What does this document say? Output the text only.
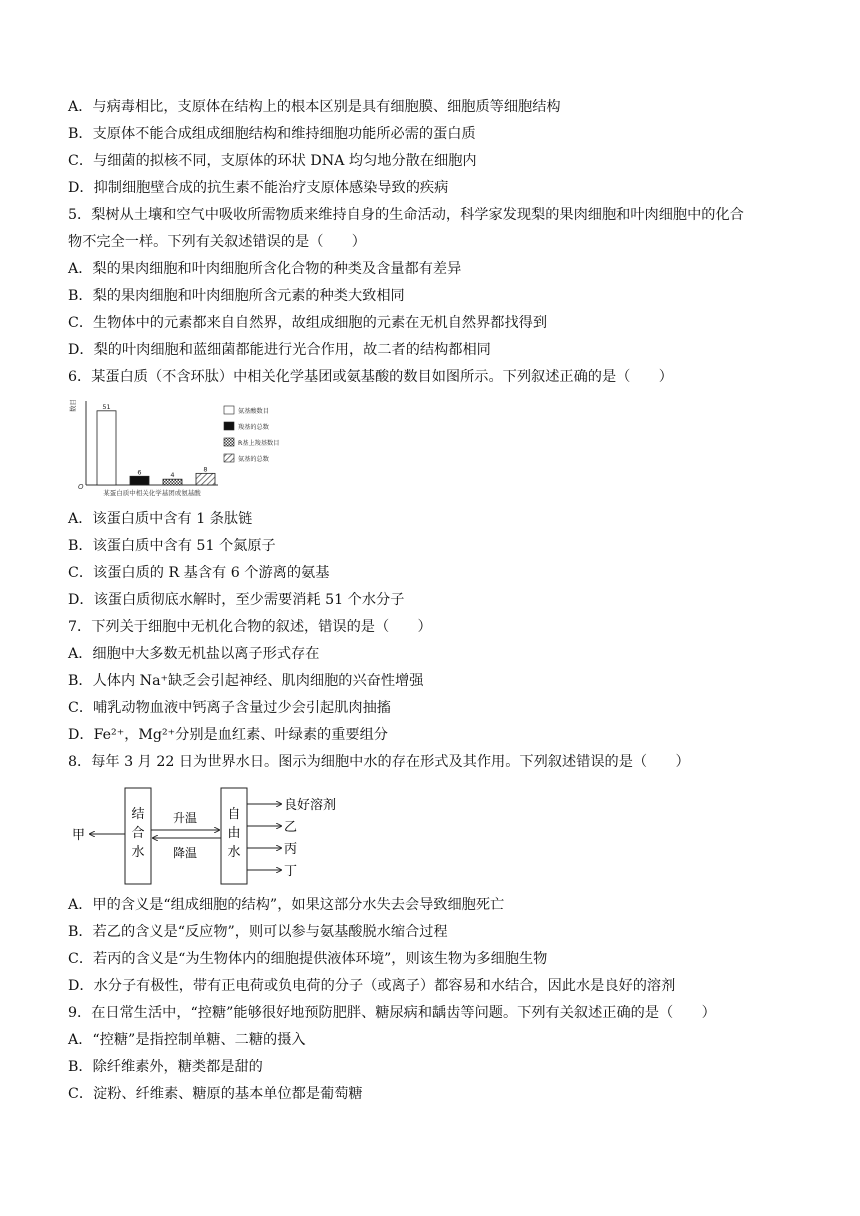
A．与病毒相比，支原体在结构上的根本区别是具有细胞膜、细胞质等细胞结构
B．支原体不能合成组成细胞结构和维持细胞功能所必需的蛋白质
C．与细菌的拟核不同，支原体的环状 DNA 均匀地分散在细胞内
D．抑制细胞壁合成的抗生素不能治疗支原体感染导致的疾病
5．梨树从土壤和空气中吸收所需物质来维持自身的生命活动，科学家发现梨的果肉细胞和叶肉细胞中的化合
物不完全一样。下列有关叙述错误的是（　　）
A．梨的果肉细胞和叶肉细胞所含化合物的种类及含量都有差异
B．梨的果肉细胞和叶肉细胞所含元素的种类大致相同
C．生物体中的元素都来自自然界，故组成细胞的元素在无机自然界都找得到
D．梨的叶肉细胞和蓝细菌都能进行光合作用，故二者的结构都相同
6．某蛋白质（不含环肽）中相关化学基团或氨基酸的数目如图所示。下列叙述正确的是（　　）
数目
O
某蛋白质中相关化学基团或氨基酸
51
6	4
8
氨基酸数目
羧基的总数
R基上羧基数目
氨基的总数
A．该蛋白质中含有 1 条肽链
B．该蛋白质中含有 51 个氮原子
C．该蛋白质的 R 基含有 6 个游离的氨基
D．该蛋白质彻底水解时，至少需要消耗 51 个水分子
7．下列关于细胞中无机化合物的叙述，错误的是（　　）
A．细胞中大多数无机盐以离子形式存在
B．人体内 Na⁺缺乏会引起神经、肌肉细胞的兴奋性增强
C．哺乳动物血液中钙离子含量过少会引起肌肉抽搐
D．Fe²⁺，Mg²⁺分别是血红素、叶绿素的重要组分
8．每年 3 月 22 日为世界水日。图示为细胞中水的存在形式及其作用。下列叙述错误的是（　　）
结
合
水
自
由
水
升温
降温
甲
良好溶剂
乙
丙
丁
A．甲的含义是“组成细胞的结构”，如果这部分水失去会导致细胞死亡
B．若乙的含义是“反应物”，则可以参与氨基酸脱水缩合过程
C．若丙的含义是“为生物体内的细胞提供液体环境”，则该生物为多细胞生物
D．水分子有极性，带有正电荷或负电荷的分子（或离子）都容易和水结合，因此水是良好的溶剂
9．在日常生活中，“控糖”能够很好地预防肥胖、糖尿病和龋齿等问题。下列有关叙述正确的是（　　）
A．“控糖”是指控制单糖、二糖的摄入
B．除纤维素外，糖类都是甜的
C．淀粉、纤维素、糖原的基本单位都是葡萄糖
